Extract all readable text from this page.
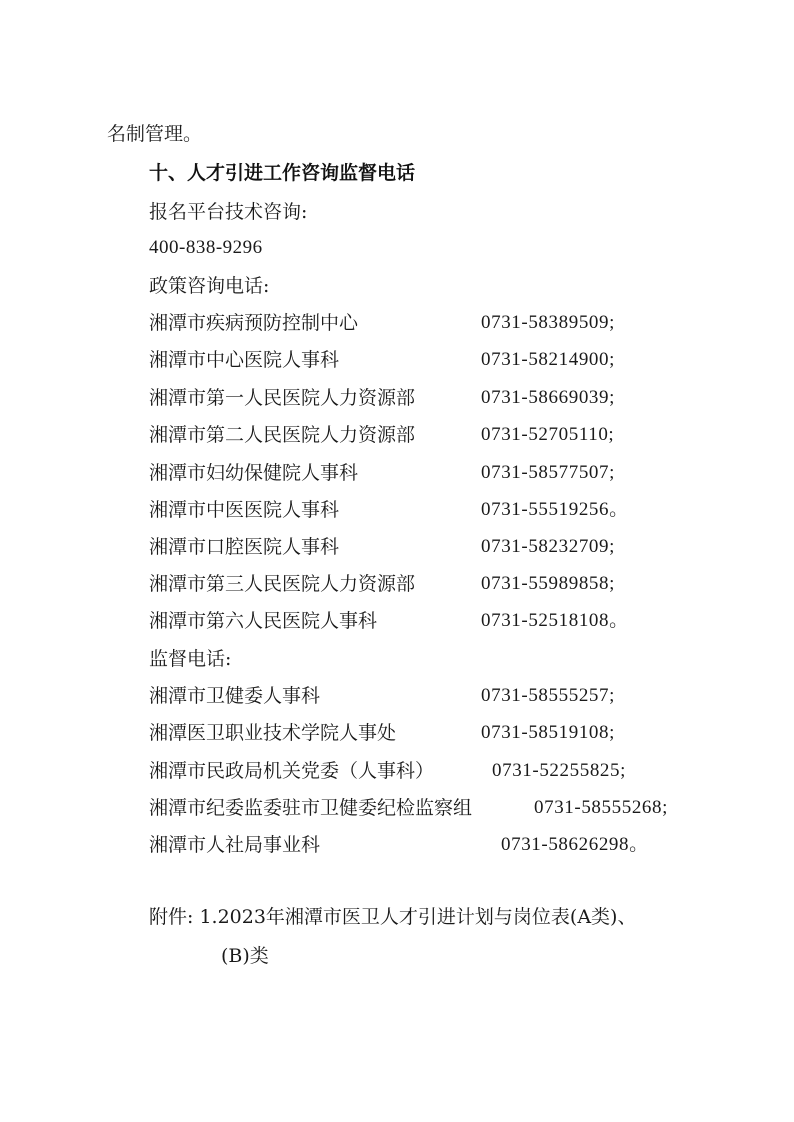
名制管理。
十、人才引进工作咨询监督电话
报名平台技术咨询:
400-838-9296
政策咨询电话:
湘潭市疾病预防控制中心	0731-58389509;
湘潭市中心医院人事科	0731-58214900;
湘潭市第一人民医院人力资源部	0731-58669039;
湘潭市第二人民医院人力资源部	0731-52705110;
湘潭市妇幼保健院人事科	0731-58577507;
湘潭市中医医院人事科	0731-55519256。
湘潭市口腔医院人事科	0731-58232709;
湘潭市第三人民医院人力资源部	0731-55989858;
湘潭市第六人民医院人事科	0731-52518108。
监督电话:
湘潭市卫健委人事科	0731-58555257;
湘潭医卫职业技术学院人事处	0731-58519108;
湘潭市民政局机关党委（人事科）	0731-52255825;
湘潭市纪委监委驻市卫健委纪检监察组	0731-58555268;
湘潭市人社局事业科	0731-58626298。
附件: 1.2023年湘潭市医卫人才引进计划与岗位表(A类)、
(B)类
